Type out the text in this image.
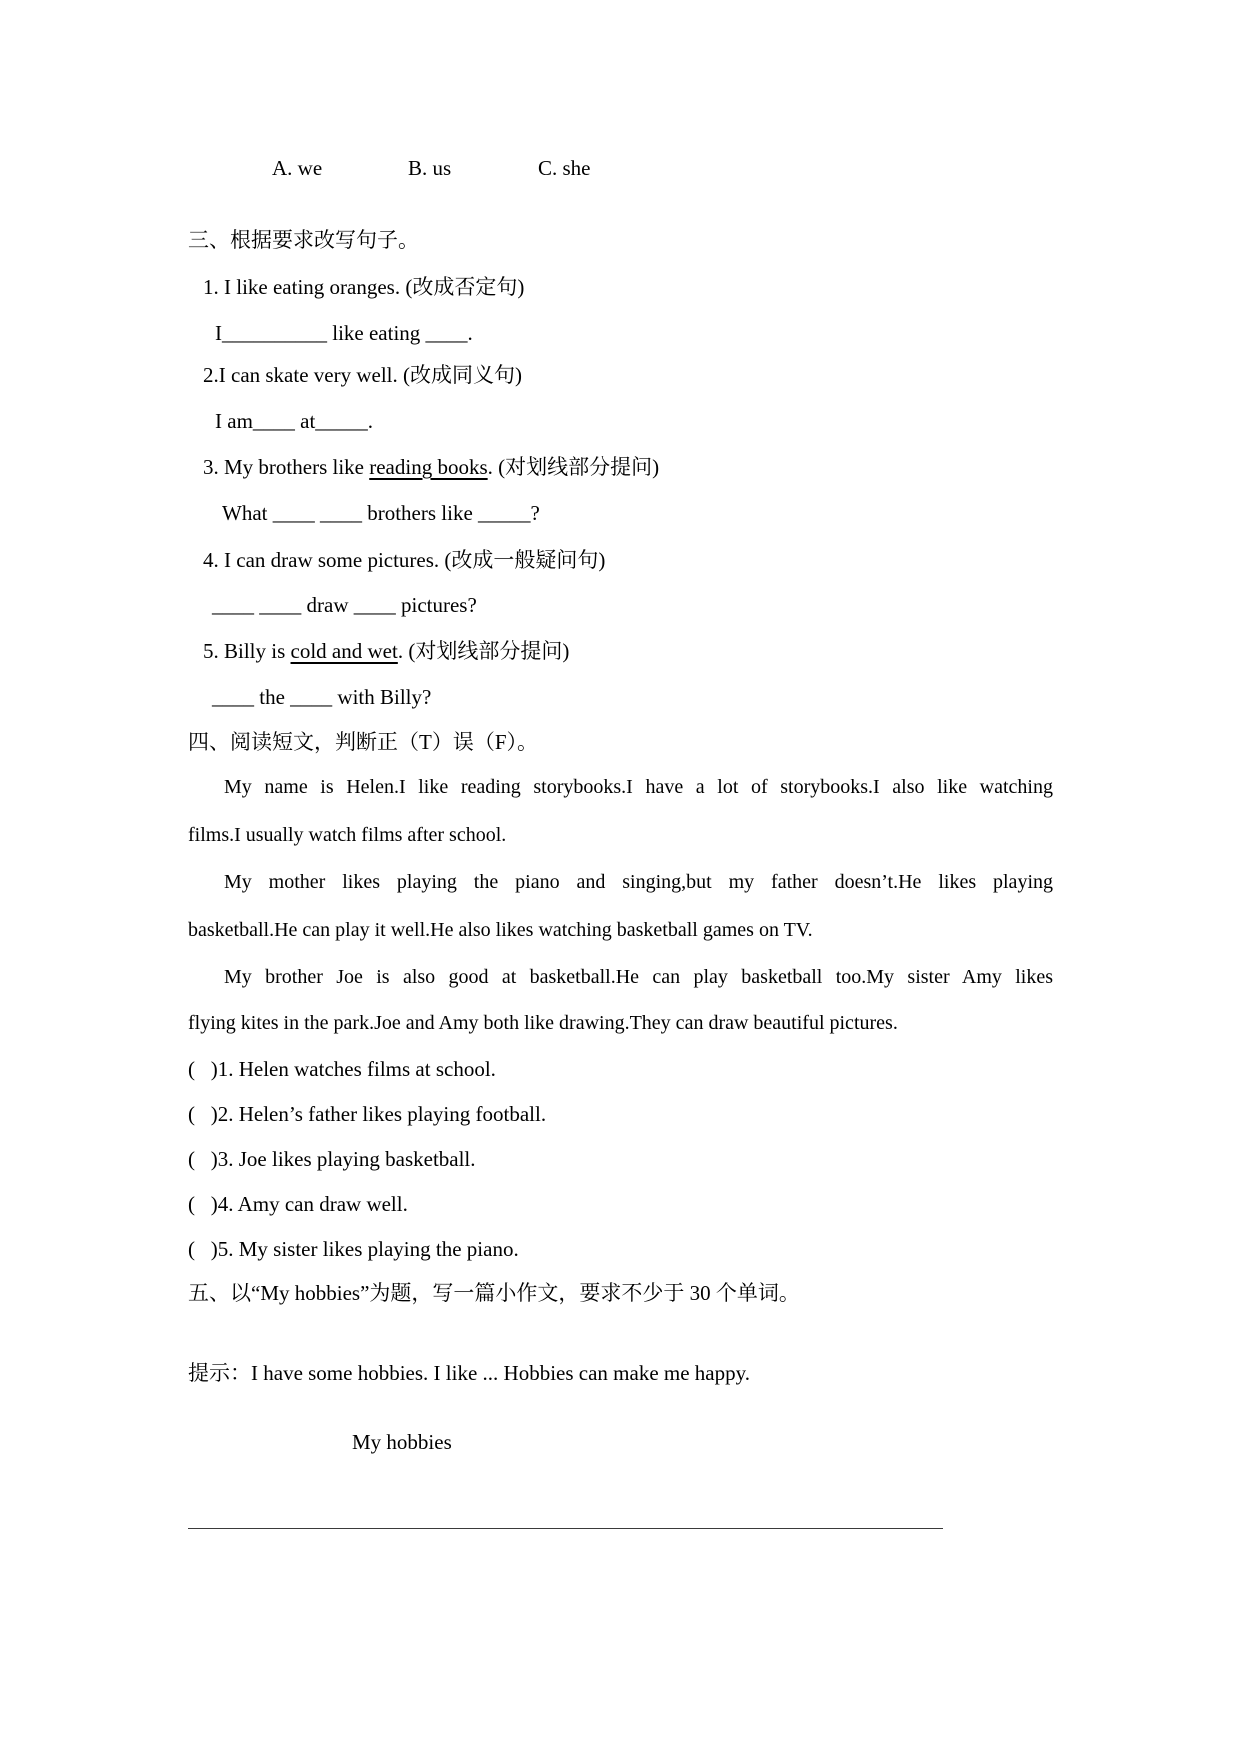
A. we	B. us	C. she
三、根据要求改写句子。
1. I like eating oranges. (改成否定句)
I__________ like eating ____.
2.I can skate very well. (改成同义句)
I am____ at_____.
3. My brothers like reading books. (对划线部分提问)
What ____ ____ brothers like _____?
4. I can draw some pictures. (改成一般疑问句)
____ ____ draw ____ pictures?
5. Billy is cold and wet. (对划线部分提问)
____ the ____ with Billy?
四、阅读短文，判断正（T）误（F）。
My name is Helen.I like reading storybooks.I have a lot of storybooks.I also like watching
films.I usually watch films after school.
My mother likes playing the piano and singing,but my father doesn’t.He likes playing
basketball.He can play it well.He also likes watching basketball games on TV.
My brother Joe is also good at basketball.He can play basketball too.My sister Amy likes
flying kites in the park.Joe and Amy both like drawing.They can draw beautiful pictures.
(   )1. Helen watches films at school.
(   )2. Helen’s father likes playing football.
(   )3. Joe likes playing basketball.
(   )4. Amy can draw well.
(   )5. My sister likes playing the piano.
五、以“My hobbies”为题，写一篇小作文，要求不少于 30 个单词。
提示：I have some hobbies. I like ... Hobbies can make me happy.
My hobbies
